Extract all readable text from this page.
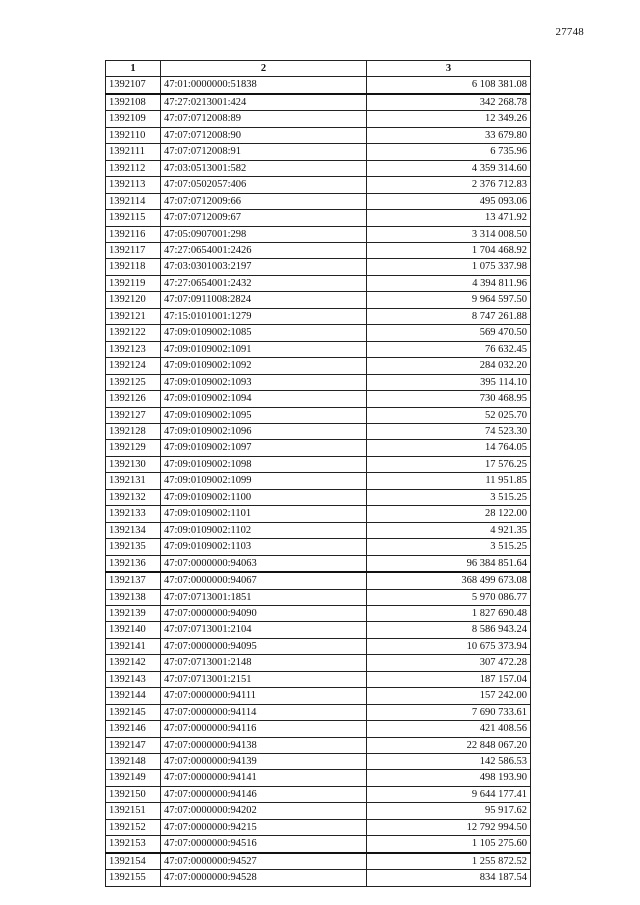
27748
1	2	3
1392107	47:01:0000000:51838	6 108 381.08
1392108	47:27:0213001:424	342 268.78
1392109	47:07:0712008:89	12 349.26
1392110	47:07:0712008:90	33 679.80
1392111	47:07:0712008:91	6 735.96
1392112	47:03:0513001:582	4 359 314.60
1392113	47:07:0502057:406	2 376 712.83
1392114	47:07:0712009:66	495 093.06
1392115	47:07:0712009:67	13 471.92
1392116	47:05:0907001:298	3 314 008.50
1392117	47:27:0654001:2426	1 704 468.92
1392118	47:03:0301003:2197	1 075 337.98
1392119	47:27:0654001:2432	4 394 811.96
1392120	47:07:0911008:2824	9 964 597.50
1392121	47:15:0101001:1279	8 747 261.88
1392122	47:09:0109002:1085	569 470.50
1392123	47:09:0109002:1091	76 632.45
1392124	47:09:0109002:1092	284 032.20
1392125	47:09:0109002:1093	395 114.10
1392126	47:09:0109002:1094	730 468.95
1392127	47:09:0109002:1095	52 025.70
1392128	47:09:0109002:1096	74 523.30
1392129	47:09:0109002:1097	14 764.05
1392130	47:09:0109002:1098	17 576.25
1392131	47:09:0109002:1099	11 951.85
1392132	47:09:0109002:1100	3 515.25
1392133	47:09:0109002:1101	28 122.00
1392134	47:09:0109002:1102	4 921.35
1392135	47:09:0109002:1103	3 515.25
1392136	47:07:0000000:94063	96 384 851.64
1392137	47:07:0000000:94067	368 499 673.08
1392138	47:07:0713001:1851	5 970 086.77
1392139	47:07:0000000:94090	1 827 690.48
1392140	47:07:0713001:2104	8 586 943.24
1392141	47:07:0000000:94095	10 675 373.94
1392142	47:07:0713001:2148	307 472.28
1392143	47:07:0713001:2151	187 157.04
1392144	47:07:0000000:94111	157 242.00
1392145	47:07:0000000:94114	7 690 733.61
1392146	47:07:0000000:94116	421 408.56
1392147	47:07:0000000:94138	22 848 067.20
1392148	47:07:0000000:94139	142 586.53
1392149	47:07:0000000:94141	498 193.90
1392150	47:07:0000000:94146	9 644 177.41
1392151	47:07:0000000:94202	95 917.62
1392152	47:07:0000000:94215	12 792 994.50
1392153	47:07:0000000:94516	1 105 275.60
1392154	47:07:0000000:94527	1 255 872.52
1392155	47:07:0000000:94528	834 187.54
